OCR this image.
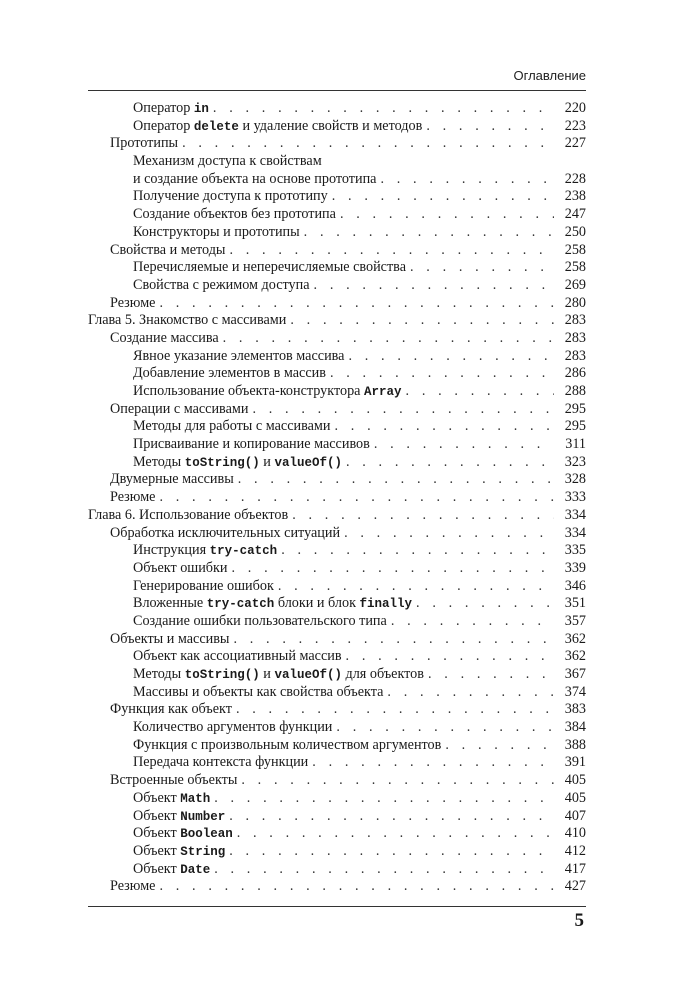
Оглавление
Оператор in . . .	220
Оператор delete и удаление свойств и методов . . .	223
Прототипы . . .	227
Механизм доступа к свойствам
и создание объекта на основе прототипа . . .	228
Получение доступа к прототипу . . .	238
Создание объектов без прототипа . . .	247
Конструкторы и прототипы . . .	250
Свойства и методы . . .	258
Перечисляемые и неперечисляемые свойства . . .	258
Свойства с режимом доступа . . .	269
Резюме . . .	280
Глава 5. Знакомство с массивами . . .	283
Создание массива . . .	283
Явное указание элементов массива . . .	283
Добавление элементов в массив . . .	286
Использование объекта-конструктора Array . . .	288
Операции с массивами . . .	295
Методы для работы с массивами . . .	295
Присваивание и копирование массивов . . .	311
Методы toString() и valueOf() . . .	323
Двумерные массивы . . .	328
Резюме . . .	333
Глава 6. Использование объектов . . .	334
Обработка исключительных ситуаций . . .	334
Инструкция try-catch . . .	335
Объект ошибки . . .	339
Генерирование ошибок . . .	346
Вложенные try-catch блоки и блок finally . . .	351
Создание ошибки пользовательского типа . . .	357
Объекты и массивы . . .	362
Объект как ассоциативный массив . . .	362
Методы toString() и valueOf() для объектов . . .	367
Массивы и объекты как свойства объекта . . .	374
Функция как объект . . .	383
Количество аргументов функции . . .	384
Функция с произвольным количеством аргументов . . .	388
Передача контекста функции . . .	391
Встроенные объекты . . .	405
Объект Math . . .	405
Объект Number . . .	407
Объект Boolean . . .	410
Объект String . . .	412
Объект Date . . .	417
Резюме . . .	427
5
